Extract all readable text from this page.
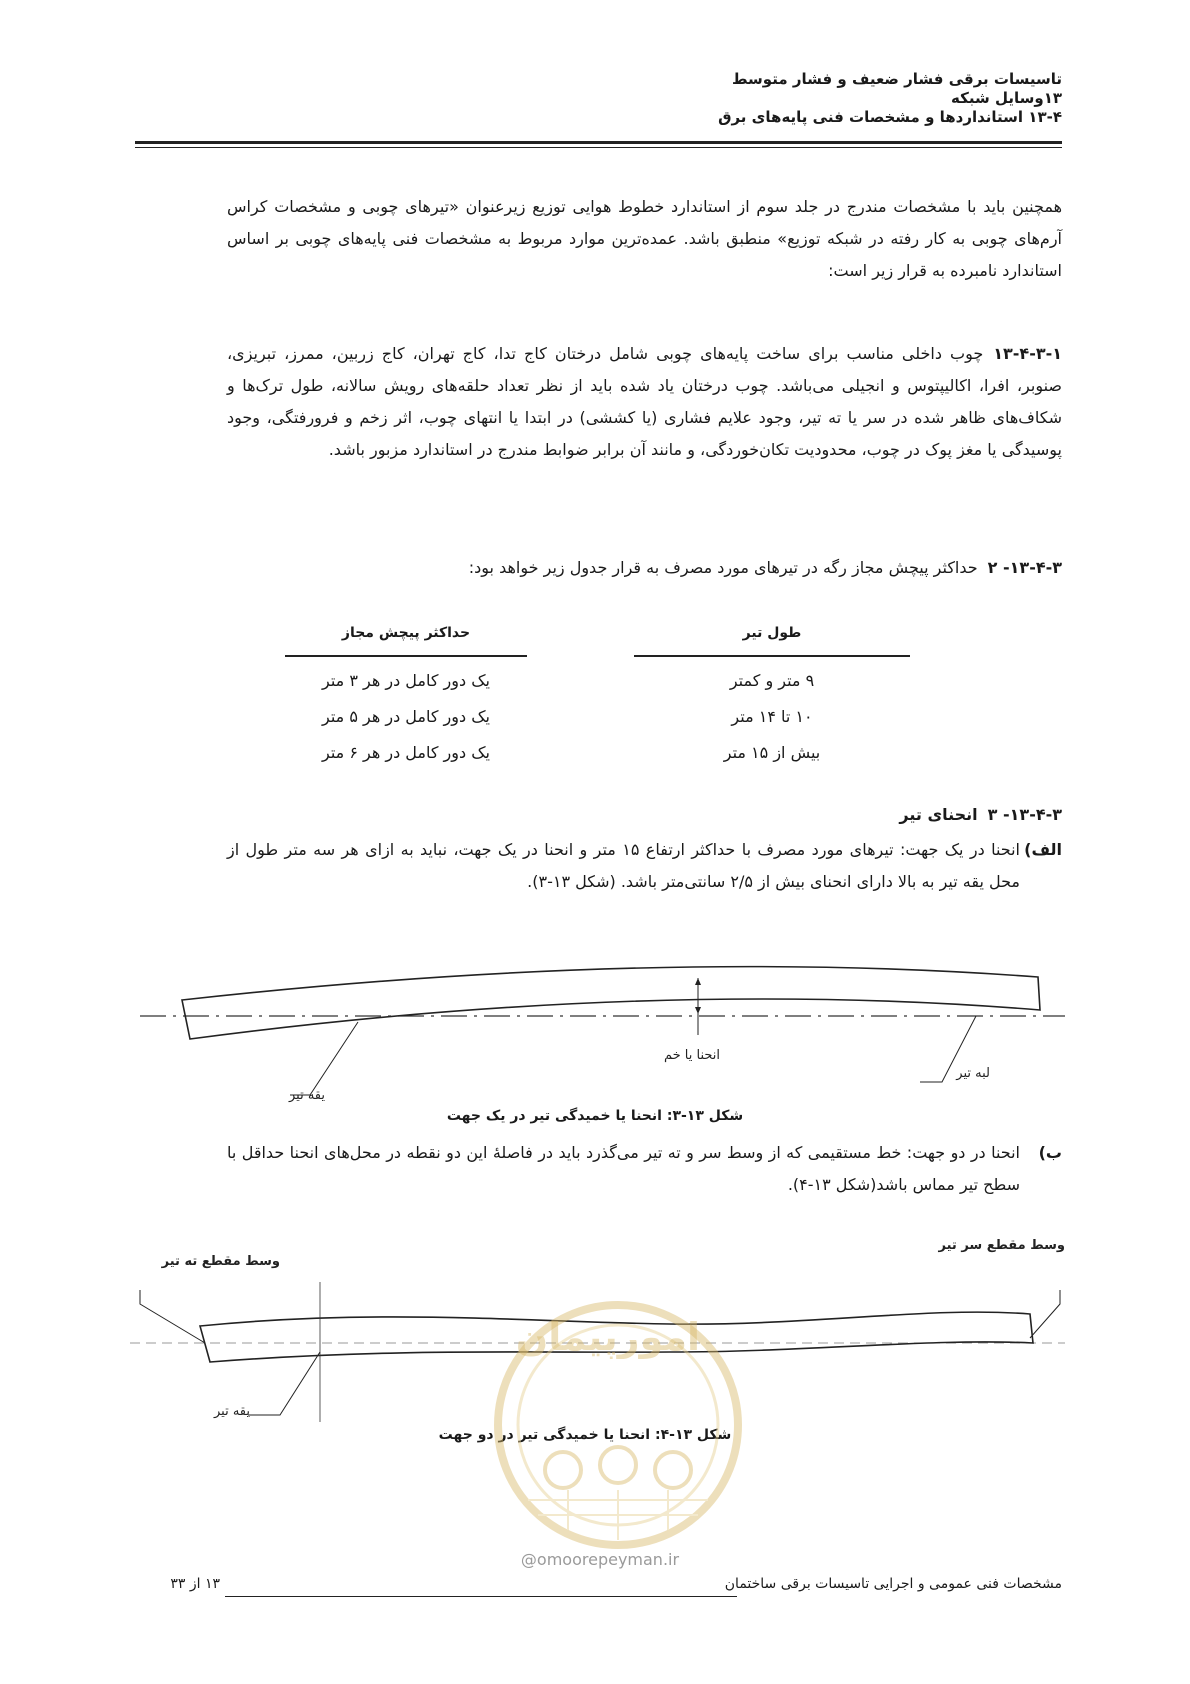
تاسیسات برقی فشار ضعیف و فشار متوسط
۱۳وسایل شبکه
۱۳-۴ استانداردها و مشخصات فنی پایه‌های برق
همچنین باید با مشخصات مندرج در جلد سوم از استاندارد خطوط هوایی توزیع زیرعنوان «تیرهای چوبی و مشخصات کراس آرم‌های چوبی به کار رفته در شبکه توزیع» منطبق باشد. عمده‌ترین موارد مربوط به مشخصات فنی پایه‌های چوبی بر اساس استاندارد نامبرده به قرار زیر است:
۱۳-۴-۳-۱چوب داخلی مناسب برای ساخت پایه‌های چوبی شامل درختان کاج تدا، کاج تهران، کاج زربین، ممرز، تبریزی، صنوبر، افرا، اکالیپتوس و انجیلی می‌باشد. چوب درختان یاد شده باید از نظر تعداد حلقه‌های رویش سالانه، طول ترک‌ها و شکاف‌های ظاهر شده در سر یا ته تیر، وجود علایم فشاری (یا کششی) در ابتدا یا انتهای چوب، اثر زخم و فرورفتگی، وجود پوسیدگی یا مغز پوک در چوب، محدودیت تکان‌خوردگی، و مانند آن برابر ضوابط مندرج در استاندارد مزبور باشد.
۱۳-۴-۳- ۲حداکثر پیچش مجاز رگه در تیرهای مورد مصرف به قرار جدول زیر خواهد بود:
طول تیر
حداکثر پیچش مجاز
۹ متر و کمتر
یک دور کامل در هر ۳ متر
۱۰ تا ۱۴ متر
یک دور کامل در هر ۵ متر
بیش از ۱۵ متر
یک دور کامل در هر ۶ متر
۱۳-۴-۳- ۳انحنای تیر
الف)
انحنا در یک جهت: تیرهای مورد مصرف با حداکثر ارتفاع ۱۵ متر و انحنا در یک جهت، نباید به ازای هر سه متر طول از محل یقه تیر به بالا دارای انحنای بیش از ۲/۵ سانتی‌متر باشد. (شکل ۱۳-۳).
انحنا یا خم
لبه تیر
یقه تیر
شکل ۱۳-۳: انحنا یا خمیدگی تیر در یک جهت
ب)
انحنا در دو جهت: خط مستقیمی که از وسط سر و ته تیر می‌گذرد باید در فاصلهٔ این دو نقطه در محل‌های انحنا حداقل با سطح تیر مماس باشد(شکل ۱۳-۴).
وسط مقطع ته تیر
وسط مقطع سر تیر
یقه تیر
شکل ۱۳-۴: انحنا یا خمیدگی تیر در دو جهت
امورپیمان
@omoorepeyman.ir
مشخصات فنی عمومی و اجرایی تاسیسات برقی ساختمان
۱۳ از ۳۳
